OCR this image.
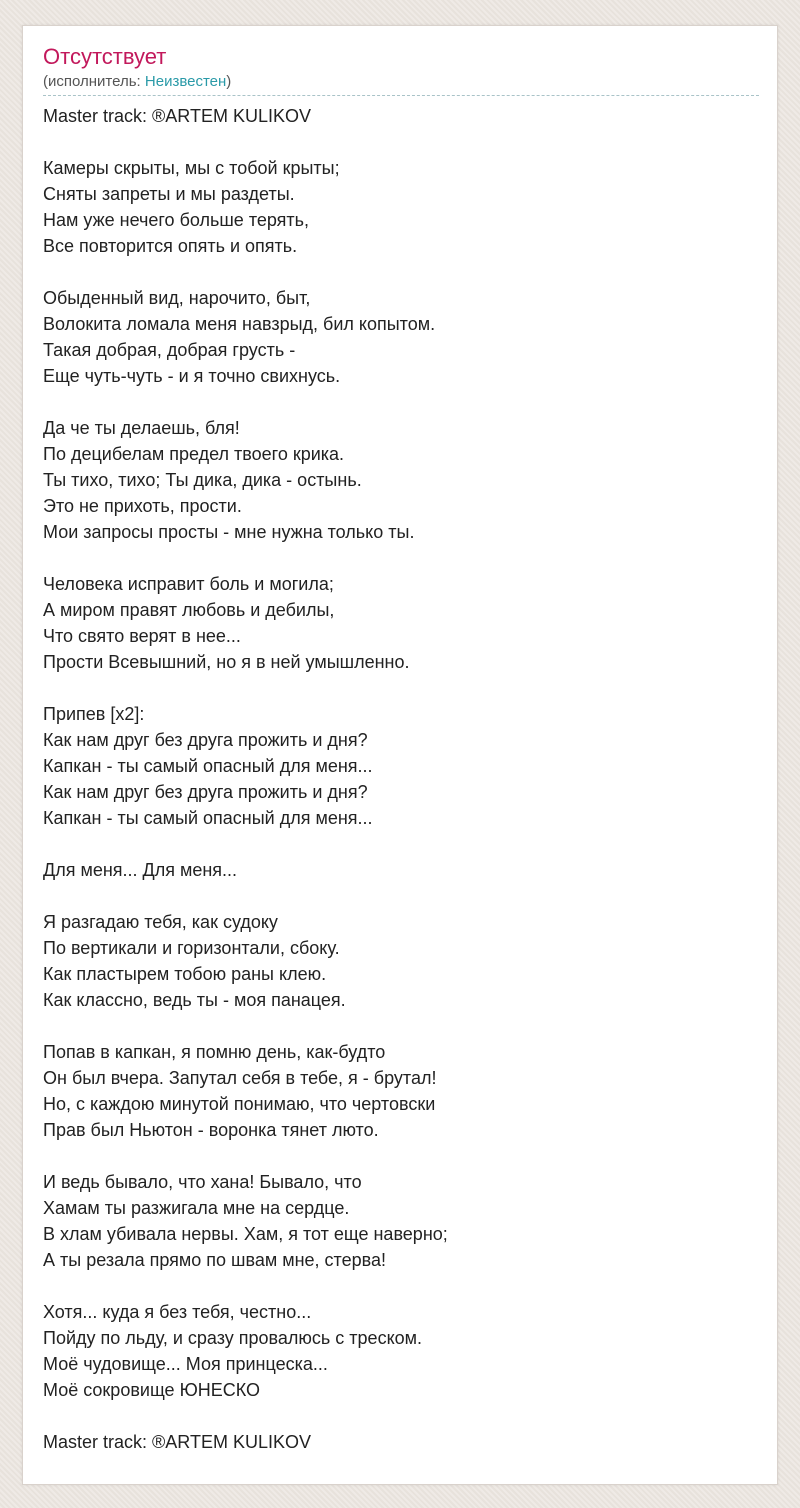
Отсутствует
(исполнитель: Неизвестен)
Master track: ®ARTEM KULIKOV

Камеры скрыты, мы с тобой крыты;
Сняты запреты и мы раздеты.
Нам уже нечего больше терять,
Все повторится опять и опять.

Обыденный вид, нарочито, быт,
Волокита ломала меня навзрыд, бил копытом.
Такая добрая, добрая грусть -
Еще чуть-чуть - и я точно свихнусь.

Да че ты делаешь, бля!
По децибелам предел твоего крика.
Ты тихо, тихо; Ты дика, дика - остынь.
Это не прихоть, прости.
Мои запросы просты - мне нужна только ты.

Человека исправит боль и могила;
А миром правят любовь и дебилы,
Что свято верят в нее...
Прости Всевышний, но я в ней умышленно.

Припев [x2]:
Как нам друг без друга прожить и дня?
Капкан - ты самый опасный для меня...
Как нам друг без друга прожить и дня?
Капкан - ты самый опасный для меня...

Для меня... Для меня...

Я разгадаю тебя, как судоку
По вертикали и горизонтали, сбоку.
Как пластырем тобою раны клею.
Как классно, ведь ты - моя панацея.

Попав в капкан, я помню день, как-будто
Он был вчера. Запутал себя в тебе, я - брутал!
Но, с каждою минутой понимаю, что чертовски
Прав был Ньютон - воронка тянет люто.

И ведь бывало, что хана! Бывало, что
Хамам ты разжигала мне на сердце.
В хлам убивала нервы. Хам, я тот еще наверно;
А ты резала прямо по швам мне, стерва!

Хотя... куда я без тебя, честно...
Пойду по льду, и сразу провалюсь с треском.
Моё чудовище... Моя принцеска...
Моё сокровище ЮНЕСКО

Master track: ®ARTEM KULIKOV
